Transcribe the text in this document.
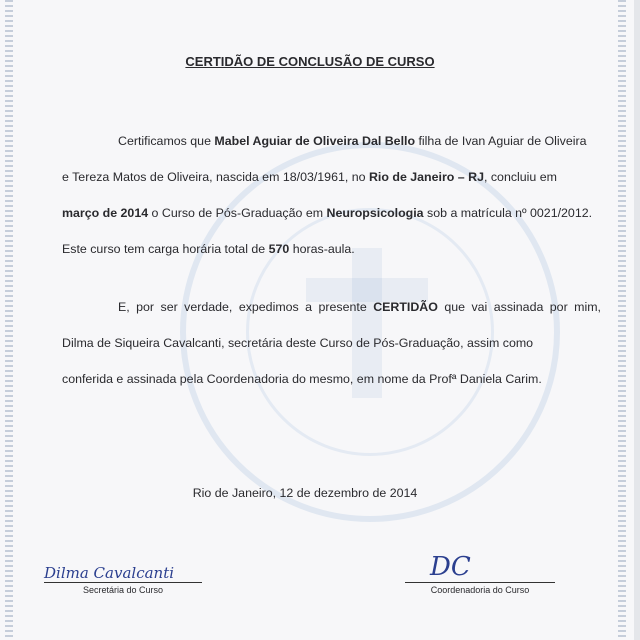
CERTIDÃO DE CONCLUSÃO DE CURSO
Certificamos que Mabel Aguiar de Oliveira Dal Bello filha de Ivan Aguiar de Oliveira
e Tereza Matos de Oliveira, nascida em 18/03/1961, no Rio de Janeiro – RJ, concluiu em
março de 2014 o Curso de Pós-Graduação em Neuropsicologia sob a matrícula nº 0021/2012.
Este curso tem carga horária total de 570 horas-aula.
E, por ser verdade, expedimos a presente CERTIDÃO que vai assinada por mim,
Dilma de Siqueira Cavalcanti, secretária deste Curso de Pós-Graduação, assim como
conferida e assinada pela Coordenadoria do mesmo, em nome da Profª Daniela Carim.
Rio de Janeiro, 12 de dezembro de 2014
Dilma Cavalcanti
Secretária do Curso
DC
Coordenadoria do Curso
